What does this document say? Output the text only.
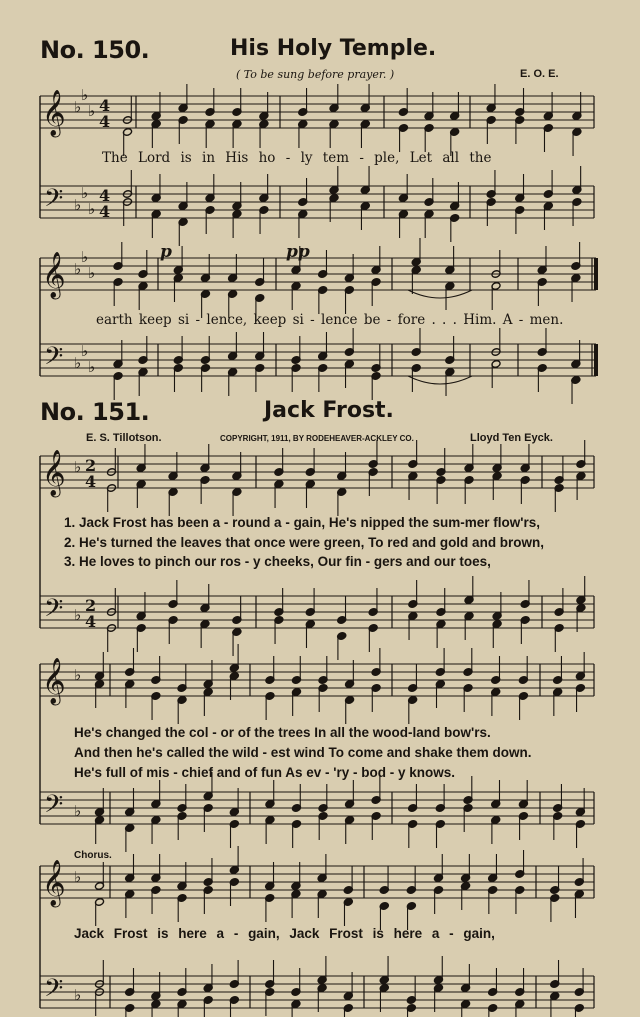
𝄞
𝄢
♭
♭
♭
♭
♭
♭
4
4
4
4
𝄞
𝄢
♭
♭
♭
♭
♭
♭
𝄞
𝄢
♭
♭
2
4
2
4
𝄞
𝄢
♭
♭
𝄞
𝄢
♭
♭
No. 150.	His Holy Temple.
( To be sung before prayer. )	E. O. E.
The Lord is in His ho - ly tem - ple, Let all the
p	pp
earth keep si - lence, keep si - lence be - fore . . . Him. A - men.
No. 151.	Jack Frost.
E. S. Tillotson.	COPYRIGHT, 1911, BY RODEHEAVER-ACKLEY CO.	Lloyd Ten Eyck.
1. Jack Frost has been a - round a - gain, He's nipped the sum-mer flow'rs,
2. He's turned the leaves that once were green, To red and gold and brown,
3. He loves to pinch our ros - y cheeks, Our fin - gers and our toes,
He's changed the col - or of the trees In all the wood-land bow'rs.
And then he's called the wild - est wind To come and shake them down.
He's full of mis - chief and of fun As ev - 'ry - bod - y knows.
Chorus.
Jack Frost is here a - gain, Jack Frost is here a - gain,
